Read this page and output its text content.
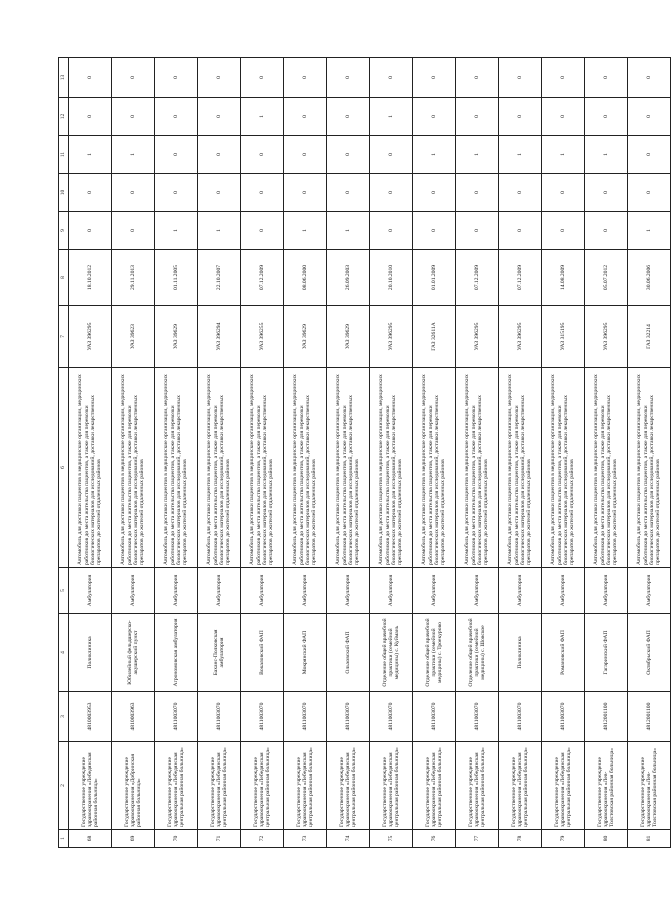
1	2	3	4	5	6	7	8	9	10	11	12	13
68	Государственное учреждение здравоохранения «Лебедянская районная больница»	4810003953	Поликлиника	Амбулатория	Автомобиль для доставки пациентов в медицинские организации, медицинских работников до места жительства пациентов, а также для перевозки биологических материалов для исследований, доставки лекарственных препаратов до жителей отдаленных районов	УАЗ 396295	18.10.2012	0	0	1	0	0
69	Государственное учреждение здравоохранения «Добринская районная больница»	4810003963	Юбилейный фельдшерско-акушерский пункт	Амбулатория	Автомобиль для доставки пациентов в медицинские организации, медицинских работников до места жительства пациентов, а также для перевозки биологических материалов для исследований, доставки лекарственных препаратов до жителей отдаленных районов	УАЗ 39623	29.11.2013	0	0	1	0	0
70	Государственное учреждение здравоохранения «Лебедянская центральная районная больница»	4811003070	Агрономовская амбулатория	Амбулатория	Автомобиль для доставки пациентов в медицинские организации, медицинских работников до места жительства пациентов, а также для перевозки биологических материалов для исследований, доставки лекарственных препаратов до жителей отдаленных районов	УАЗ 39629	01.11.2005	1	0	0	0	0
71	Государственное учреждение здравоохранения «Лебедянская центральная районная больница»	4811003070	Баханс-Полковская амбулатория	Амбулатория	Автомобиль для доставки пациентов в медицинские организации, медицинских работников до места жительства пациентов, а также для перевозки биологических материалов для исследований, доставки лекарственных препаратов до жителей отдаленных районов	УАЗ 396294	22.10.2007	1	0	0	0	0
72	Государственное учреждение здравоохранения «Лебедянская центральная районная больница»	4811003070	Вокаловский ФАП	Амбулатория	Автомобиль для доставки пациентов в медицинские организации, медицинских работников до места жительства пациентов, а также для перевозки биологических материалов для исследований, доставки лекарственных препаратов до жителей отдаленных районов	УАЗ 396255	07.12.2009	0	0	0	1	0
73	Государственное учреждение здравоохранения «Лебедянская центральная районная больница»	4811003070	Мокрянский ФАП	Амбулатория	Автомобиль для доставки пациентов в медицинские организации, медицинских работников до места жительства пациентов, а также для перевозки биологических материалов для исследований, доставки лекарственных препаратов до жителей отдаленных районов	УАЗ 39629	08.06.2000	1	0	0	0	0
74	Государственное учреждение здравоохранения «Лебедянская центральная районная больница»	4811003070	Ольховский ФАП	Амбулатория	Автомобиль для доставки пациентов в медицинские организации, медицинских работников до места жительства пациентов, а также для перевозки биологических материалов для исследований, доставки лекарственных препаратов до жителей отдаленных районов	УАЗ 39629	26.09.2003	1	0	0	0	0
75	Государственное учреждение здравоохранения «Лебедянская центральная районная больница»	4811003070	Отделение общей врачебной практики (семейной медицины) с. Куймань	Амбулатория	Автомобиль для доставки пациентов в медицинские организации, медицинских работников до места жительства пациентов, а также для перевозки биологических материалов для исследований, доставки лекарственных препаратов до жителей отдаленных районов	УАЗ 396295	20.10.2010	0	0	0	1	0
76	Государственное учреждение здравоохранения «Лебедянская центральная районная больница»	4811003070	Отделение общей врачебной практики (семейной медицины) с. Троекурово	Амбулатория	Автомобиль для доставки пациентов в медицинские организации, медицинских работников до места жительства пациентов, а также для перевозки биологических материалов для исследований, доставки лекарственных препаратов до жителей отдаленных районов	ГАЗ 32611А	01.01.2009	0	0	1	0	0
77	Государственное учреждение здравоохранения «Лебедянская центральная районная больница»	4811003070	Отделение общей врачебной практики (семейной медицины) с. Шовское	Амбулатория	Автомобиль для доставки пациентов в медицинские организации, медицинских работников до места жительства пациентов, а также для перевозки биологических материалов для исследований, доставки лекарственных препаратов до жителей отдаленных районов	УАЗ 396295	07.12.2009	0	0	1	0	0
78	Государственное учреждение здравоохранения «Лебедянская центральная районная больница»	4811003070	Поликлиника	Амбулатория	Автомобиль для доставки пациентов в медицинские организации, медицинских работников до места жительства пациентов, а также для перевозки биологических материалов для исследований, доставки лекарственных препаратов до жителей отдаленных районов	УАЗ 396295	07.12.2009	0	0	1	0	0
79	Государственное учреждение здравоохранения «Лебедянская центральная районная больница»	4811003070	Романовский ФАП	Амбулатория	Автомобиль для доставки пациентов в медицинские организации, медицинских работников до места жительства пациентов, а также для перевозки биологических материалов для исследований, доставки лекарственных препаратов до жителей отдаленных районов	УАЗ 315195	14.08.2009	0	0	1	0	0
80	Государственное учреждение здравоохранения «Лев-Толстовская районная больница»	4812001100	Гагаринский ФАП	Амбулатория	Автомобиль для доставки пациентов в медицинские организации, медицинских работников до места жительства пациентов, а также для перевозки биологических материалов для исследований, доставки лекарственных препаратов до жителей отдаленных районов	УАЗ 396295	05.07.2012	0	0	1	0	0
81	Государственное учреждение здравоохранения «Лев-Толстовская районная больница»	4812001100	Октябрьский ФАП	Амбулатория	Автомобиль для доставки пациентов в медицинские организации, медицинских работников до места жительства пациентов, а также для перевозки биологических материалов для исследований, доставки лекарственных препаратов до жителей отдаленных районов	ГАЗ 32214	30.06.2006	1	0	0	0	0
